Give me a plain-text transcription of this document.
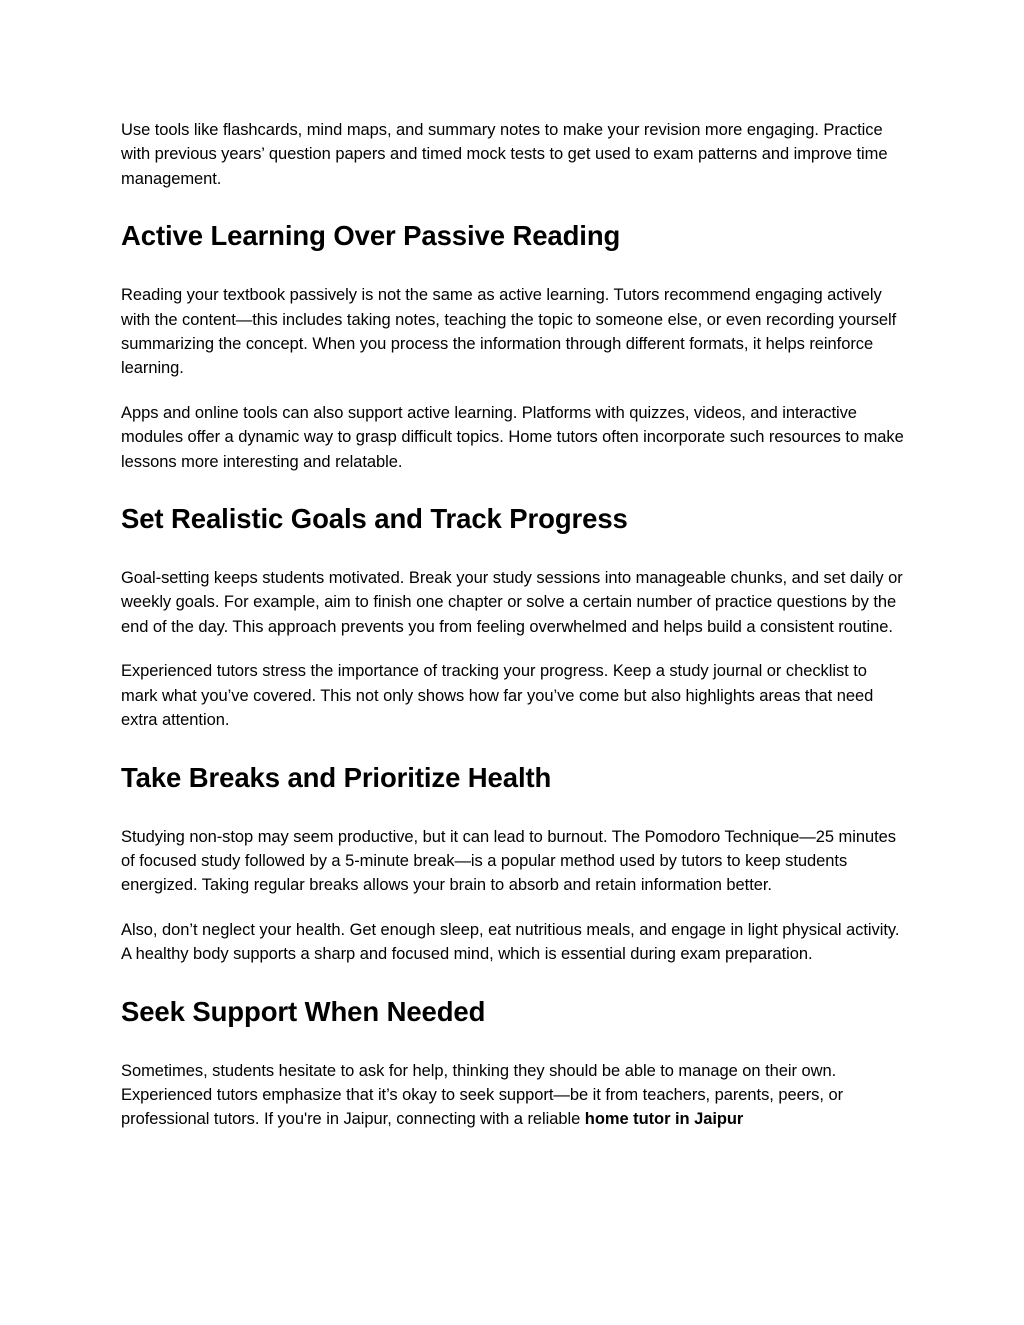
Use tools like flashcards, mind maps, and summary notes to make your revision more engaging. Practice with previous years’ question papers and timed mock tests to get used to exam patterns and improve time management.

Active Learning Over Passive Reading

Reading your textbook passively is not the same as active learning. Tutors recommend engaging actively with the content—this includes taking notes, teaching the topic to someone else, or even recording yourself summarizing the concept. When you process the information through different formats, it helps reinforce learning.

Apps and online tools can also support active learning. Platforms with quizzes, videos, and interactive modules offer a dynamic way to grasp difficult topics. Home tutors often incorporate such resources to make lessons more interesting and relatable.

Set Realistic Goals and Track Progress

Goal-setting keeps students motivated. Break your study sessions into manageable chunks, and set daily or weekly goals. For example, aim to finish one chapter or solve a certain number of practice questions by the end of the day. This approach prevents you from feeling overwhelmed and helps build a consistent routine.

Experienced tutors stress the importance of tracking your progress. Keep a study journal or checklist to mark what you’ve covered. This not only shows how far you’ve come but also highlights areas that need extra attention.

Take Breaks and Prioritize Health

Studying non-stop may seem productive, but it can lead to burnout. The Pomodoro Technique—25 minutes of focused study followed by a 5-minute break—is a popular method used by tutors to keep students energized. Taking regular breaks allows your brain to absorb and retain information better.

Also, don’t neglect your health. Get enough sleep, eat nutritious meals, and engage in light physical activity. A healthy body supports a sharp and focused mind, which is essential during exam preparation.

Seek Support When Needed

Sometimes, students hesitate to ask for help, thinking they should be able to manage on their own. Experienced tutors emphasize that it’s okay to seek support—be it from teachers, parents, peers, or professional tutors. If you're in Jaipur, connecting with a reliable home tutor in Jaipur
